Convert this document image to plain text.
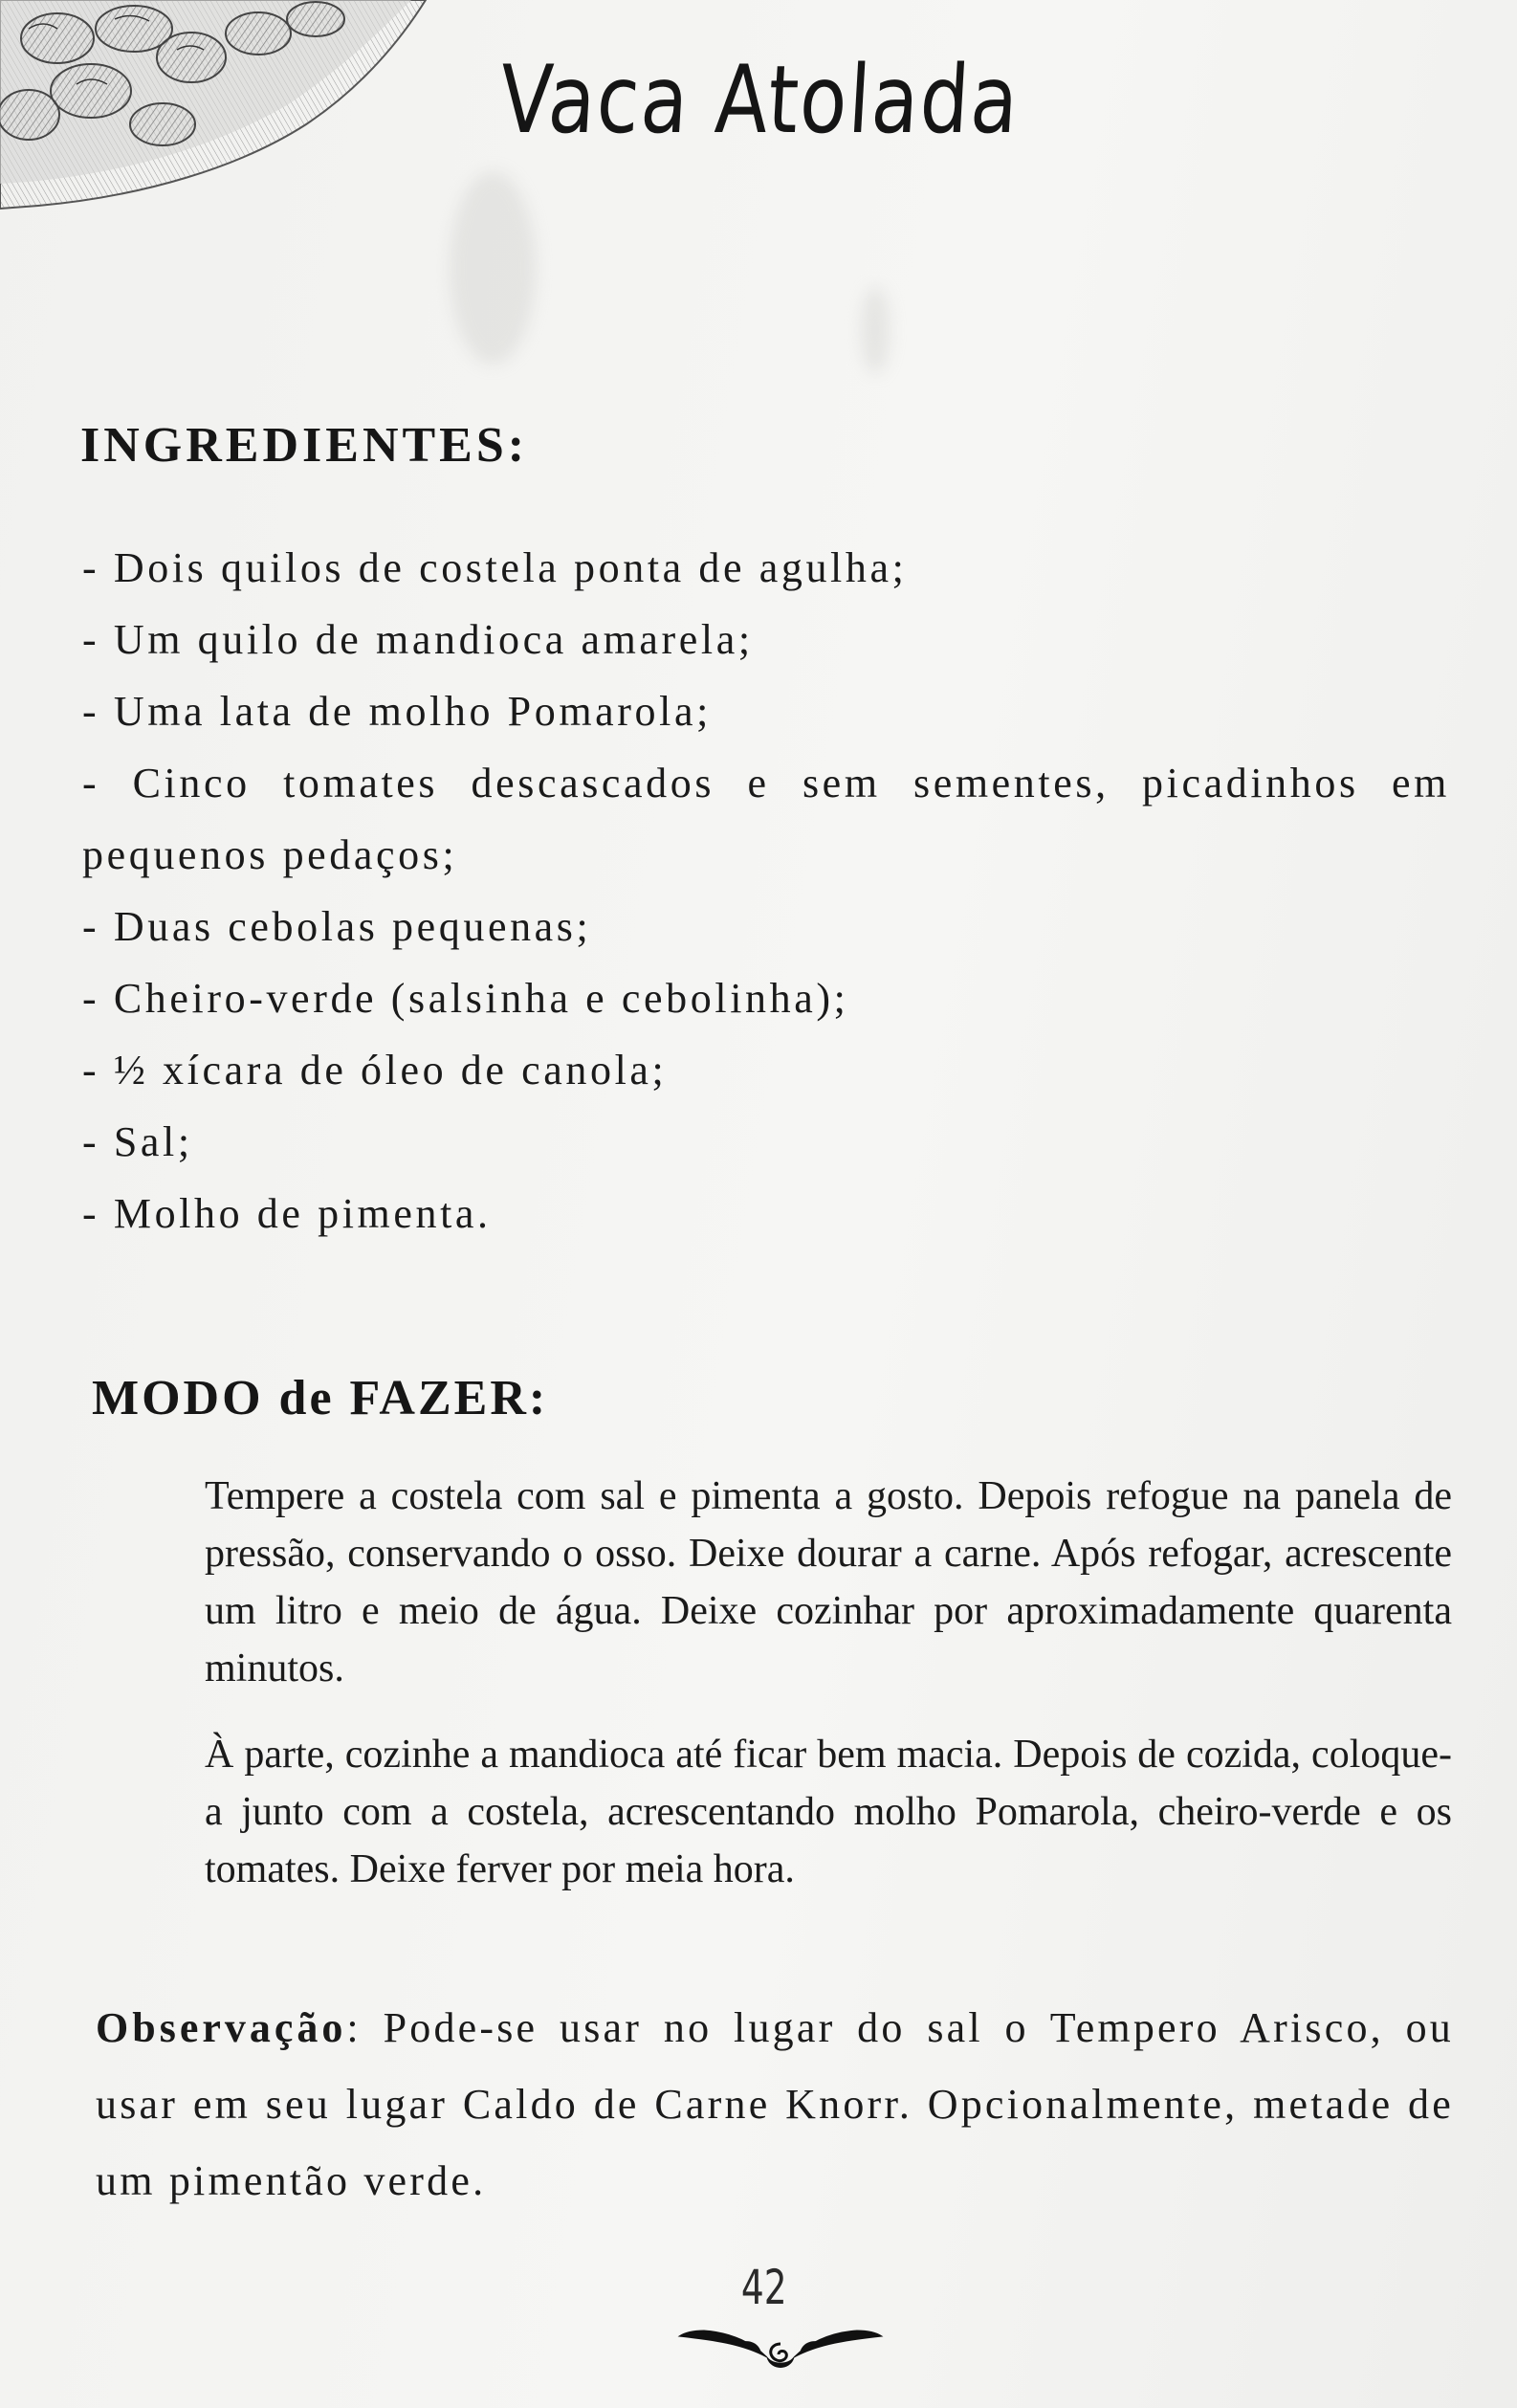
Vaca Atolada
INGREDIENTES:
- Dois quilos de costela ponta de agulha;
- Um quilo de mandioca amarela;
- Uma lata de molho Pomarola;
- Cinco tomates descascados e sem sementes, picadinhos em pequenos pedaços;
- Duas cebolas pequenas;
- Cheiro-verde (salsinha e cebolinha);
- ½ xícara de óleo de canola;
- Sal;
- Molho de pimenta.
MODO de FAZER:

Tempere a costela com sal e pimenta a gosto. Depois refogue na panela de pressão, conservando o osso. Deixe dourar a carne. Após refogar, acrescente um litro e meio de água. Deixe cozinhar por aproximadamente quarenta minutos.

À parte, cozinhe a mandioca até ficar bem macia. Depois de cozida, coloque-a junto com a costela, acrescentando molho Pomarola, cheiro-verde e os tomates. Deixe ferver por meia hora.

Observação: Pode-se usar no lugar do sal o Tempero Arisco, ou usar em seu lugar Caldo de Carne Knorr. Opcionalmente, metade de um pimentão verde.
42
